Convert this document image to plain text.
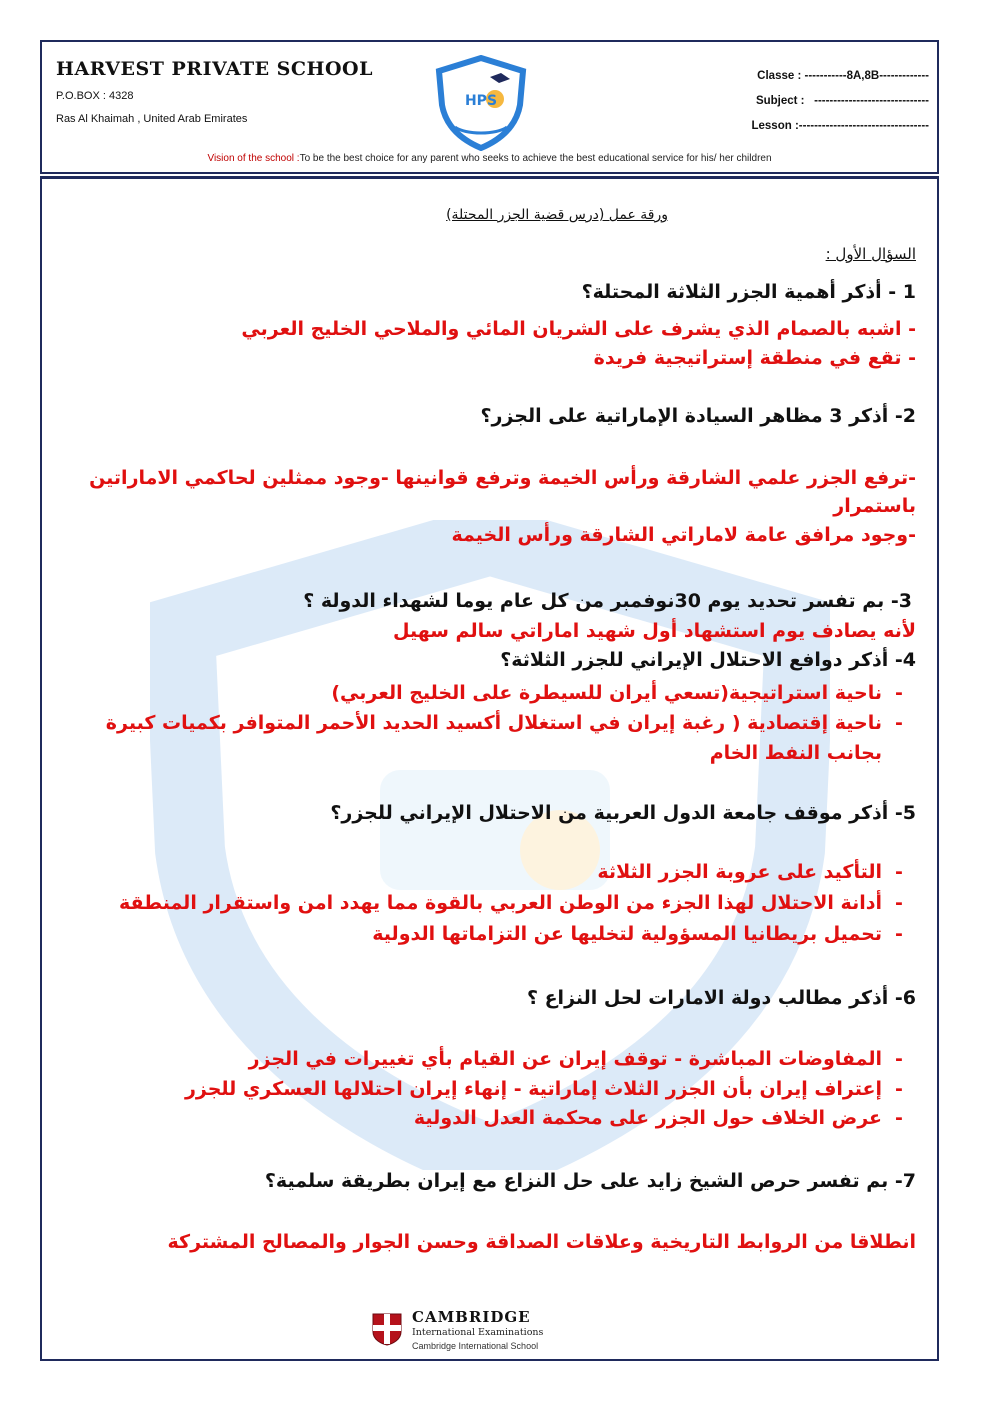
HARVEST PRIVATE SCHOOL
P.O.BOX : 4328
Ras Al Khaimah , United Arab Emirates
HPS
Classe :
-----------8A,8B-------------
Subject :
------------------------------
Lesson : ----------------------------------
Vision of the school :To be the best choice for any parent who seeks to achieve the best educational service for his/ her children
ورقة عمل (درس قضية الجزر المحتلة)
السؤال الأول :
1 - أذكر أهمية الجزر الثلاثة المحتلة؟
- اشبه بالصمام الذي يشرف على الشريان المائي والملاحي الخليج العربي
- تقع في منطقة إستراتيجية فريدة
2- أذكر 3 مظاهر السيادة الإماراتية على الجزر؟
-ترفع الجزر علمي الشارقة ورأس الخيمة وترفع قوانينها -وجود ممثلين لحاكمي الاماراتين
باستمرار
-وجود مرافق عامة لاماراتي الشارقة ورأس الخيمة
3- بم تفسر تحديد يوم 30نوفمبر من كل عام يوما لشهداء الدولة ؟
لأنه يصادف يوم استشهاد أول شهيد اماراتي سالم سهيل
4- أذكر دوافع الاحتلال الإيراني للجزر الثلاثة؟
-ناحية استراتيجية(تسعي أيران للسيطرة على الخليج العربي)
-ناحية إقتصادية ( رغبة إيران في استغلال أكسيد الحديد الأحمر المتوافر بكميات كبيرة
بجانب النفط الخام
5- أذكر موقف جامعة الدول العربية من الاحتلال الإيراني للجزر؟
-التأكيد على عروبة الجزر الثلاثة
-أدانة الاحتلال لهذا الجزء من الوطن العربي بالقوة مما يهدد امن واستقرار المنطقة
-تحميل بريطانيا المسؤولية لتخليها عن التزاماتها الدولية
6- أذكر مطالب دولة الامارات لحل النزاع ؟
-المفاوضات المباشرة - توقف إيران عن القيام بأي تغييرات في الجزر
-إعتراف إيران بأن الجزر الثلاث إماراتية - إنهاء إيران احتلالها العسكري للجزر
-عرض الخلاف حول الجزر على محكمة العدل الدولية
7- بم تفسر حرص الشيخ زايد على حل النزاع مع إيران بطريقة سلمية؟
انطلاقا من الروابط التاريخية وعلاقات الصداقة وحسن الجوار والمصالح المشتركة
CAMBRIDGE
International Examinations
Cambridge International School
